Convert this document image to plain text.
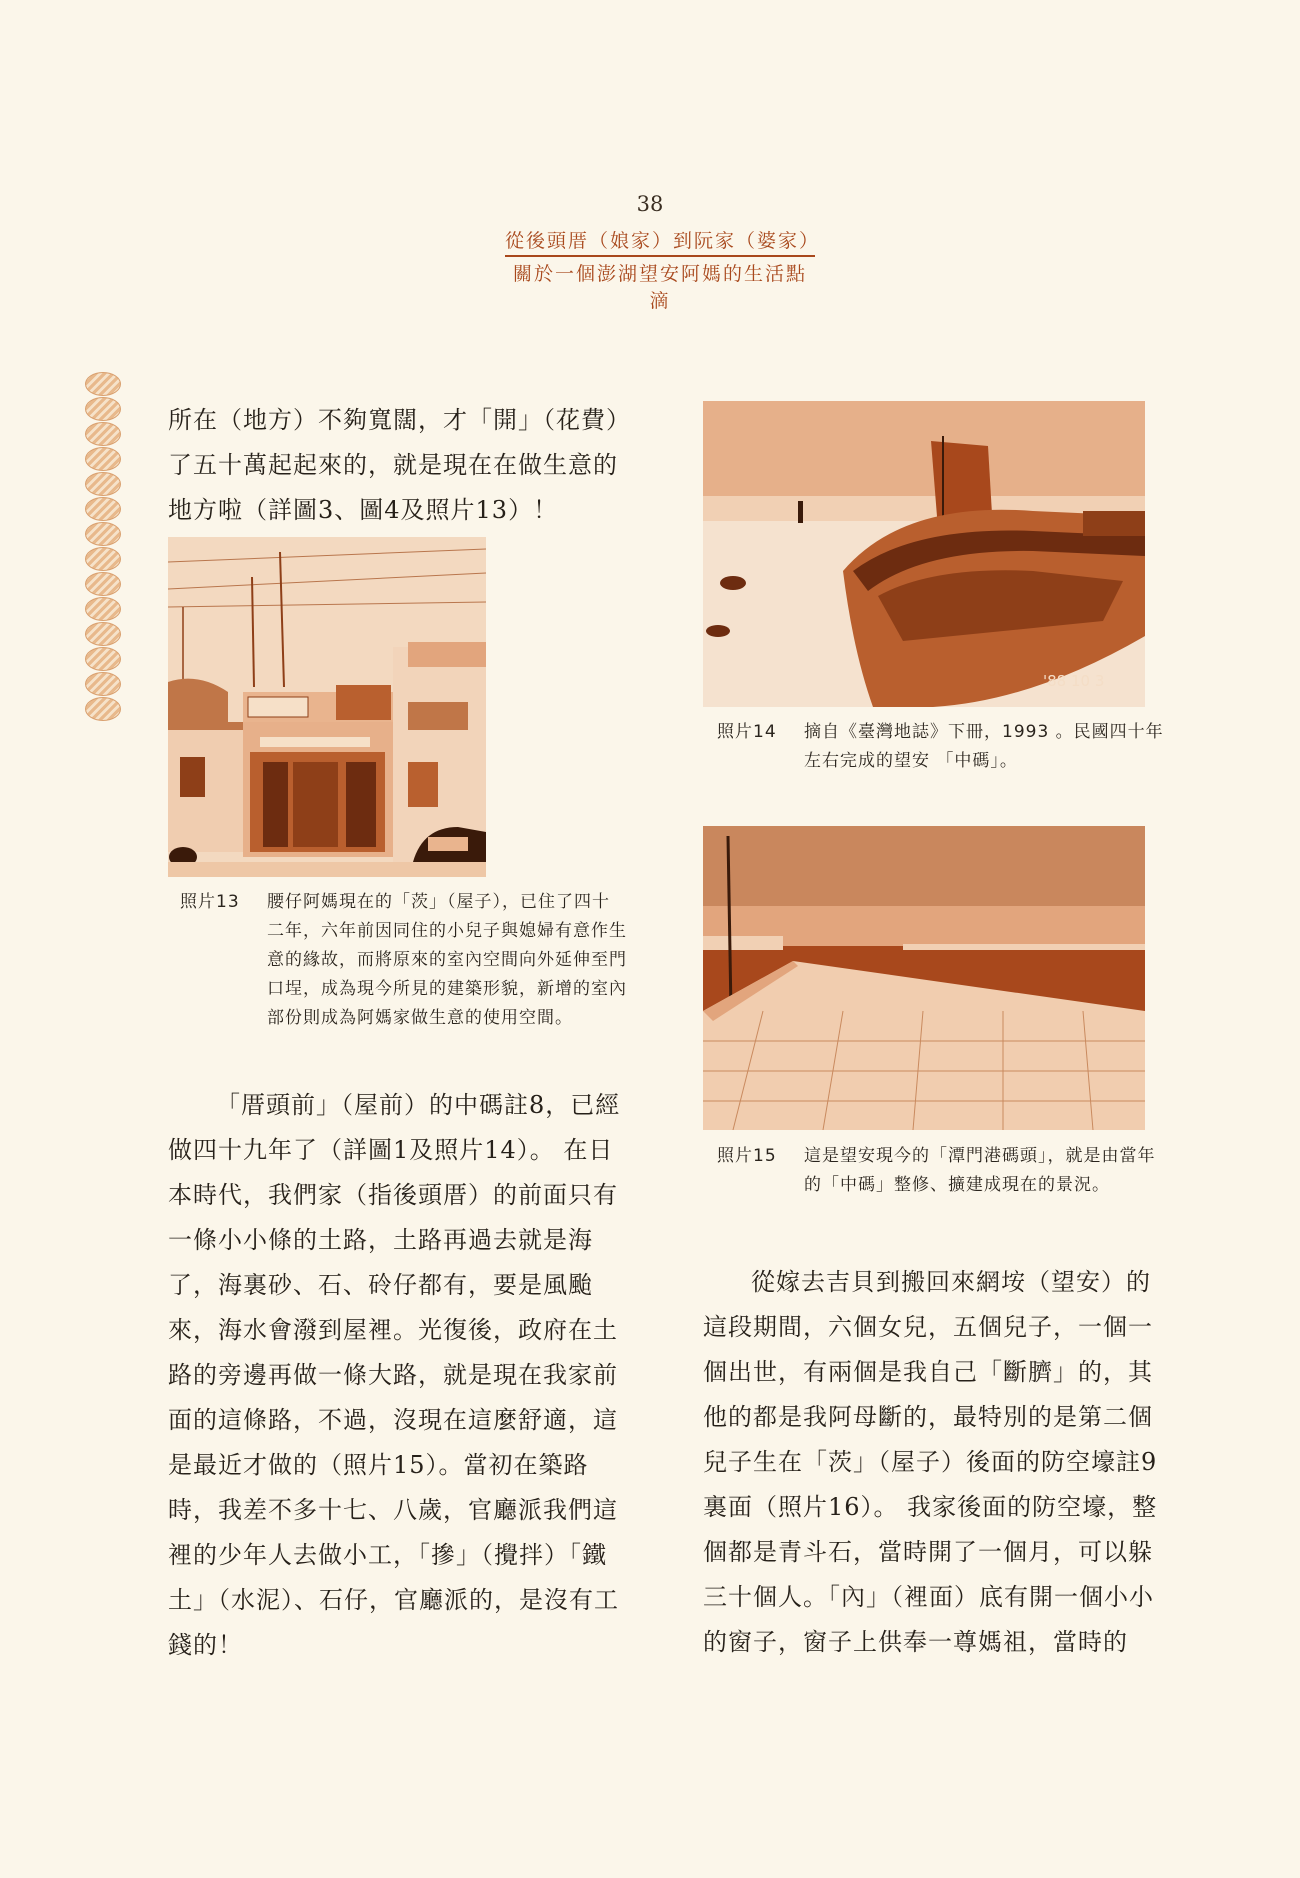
38
從後頭厝（娘家）到阮家（婆家）
關於一個澎湖望安阿媽的生活點滴

所在（地方）不夠寬闊，才「開」（花費）了五十萬起起來的，就是現在在做生意的地方啦（詳圖3、圖4及照片13）！

照片13 腰仔阿媽現在的「茨」（屋子），已住了四十二年，六年前因同住的小兒子與媳婦有意作生意的緣故，而將原來的室內空間向外延伸至門口埕，成為現今所見的建築形貌，新增的室內部份則成為阿媽家做生意的使用空間。

「厝頭前」（屋前）的中碼註8，已經做四十九年了（詳圖1及照片14）。 在日本時代，我們家（指後頭厝）的前面只有一條小小條的土路，土路再過去就是海了，海裏砂、石、砱仔都有，要是風颱來，海水會潑到屋裡。光復後，政府在土路的旁邊再做一條大路，就是現在我家前面的這條路，不過，沒現在這麼舒適，這是最近才做的（照片15）。當初在築路時，我差不多十七、八歲，官廳派我們這裡的少年人去做小工，「摻」（攪拌）「鐵土」（水泥）、石仔，官廳派的，是沒有工錢的！

'88 10 3
照片14 摘自《臺灣地誌》下冊，1993 。民國四十年左右完成的望安 「中碼」。
照片15 這是望安現今的「潭門港碼頭」，就是由當年的「中碼」整修、擴建成現在的景況。

從嫁去吉貝到搬回來網垵（望安）的這段期間，六個女兒，五個兒子，一個一個出世，有兩個是我自己「斷臍」的，其他的都是我阿母斷的，最特別的是第二個兒子生在「茨」（屋子）後面的防空壕註9裏面（照片16）。 我家後面的防空壕，整個都是青斗石，當時開了一個月，可以躲三十個人。「內」（裡面）底有開一個小小的窗子，窗子上供奉一尊媽祖，當時的
